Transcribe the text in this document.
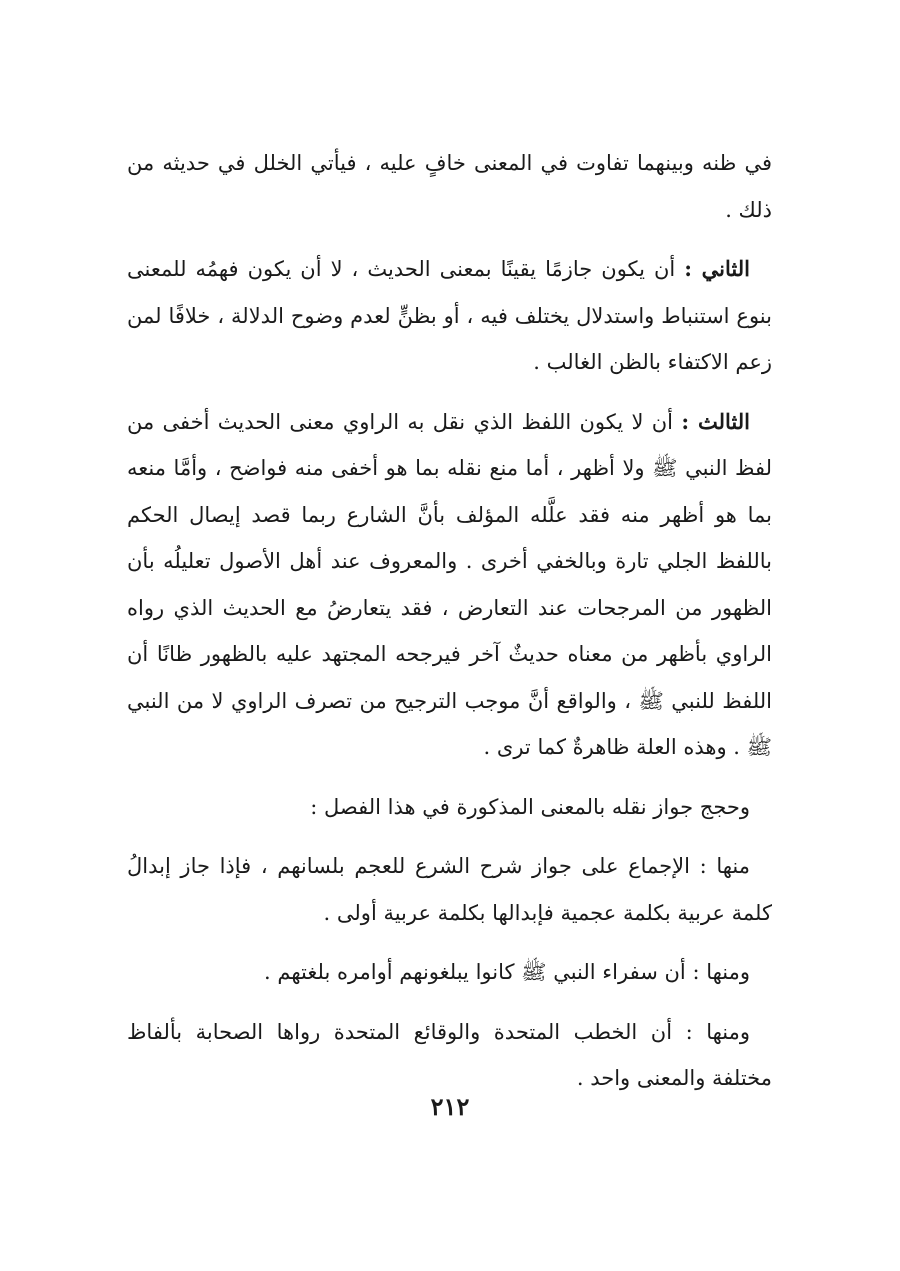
في ظنه وبينهما تفاوت في المعنى خافٍ عليه ، فيأتي الخلل في حديثه من ذلك .

الثاني : أن يكون جازمًا يقينًا بمعنى الحديث ، لا أن يكون فهمُه للمعنى بنوع استنباط واستدلال يختلف فيه ، أو بظنٍّ لعدم وضوح الدلالة ، خلافًا لمن زعم الاكتفاء بالظن الغالب .

الثالث : أن لا يكون اللفظ الذي نقل به الراوي معنى الحديث أخفى من لفظ النبي ﷺ ولا أظهر ، أما منع نقله بما هو أخفى منه فواضح ، وأمَّا منعه بما هو أظهر منه فقد علَّله المؤلف بأنَّ الشارع ربما قصد إيصال الحكم باللفظ الجلي تارة وبالخفي أخرى . والمعروف عند أهل الأصول تعليلُه بأن الظهور من المرجحات عند التعارض ، فقد يتعارضُ مع الحديث الذي رواه الراوي بأظهر من معناه حديثٌ آخر فيرجحه المجتهد عليه بالظهور ظانًا أن اللفظ للنبي ﷺ ، والواقع أنَّ موجب الترجيح من تصرف الراوي لا من النبي ﷺ . وهذه العلة ظاهرةٌ كما ترى .

وحجج جواز نقله بالمعنى المذكورة في هذا الفصل :

منها : الإجماع على جواز شرح الشرع للعجم بلسانهم ، فإذا جاز إبدالُ كلمة عربية بكلمة عجمية فإبدالها بكلمة عربية أولى .

ومنها : أن سفراء النبي ﷺ كانوا يبلغونهم أوامره بلغتهم .

ومنها : أن الخطب المتحدة والوقائع المتحدة رواها الصحابة بألفاظ مختلفة والمعنى واحد .

٢١٢
